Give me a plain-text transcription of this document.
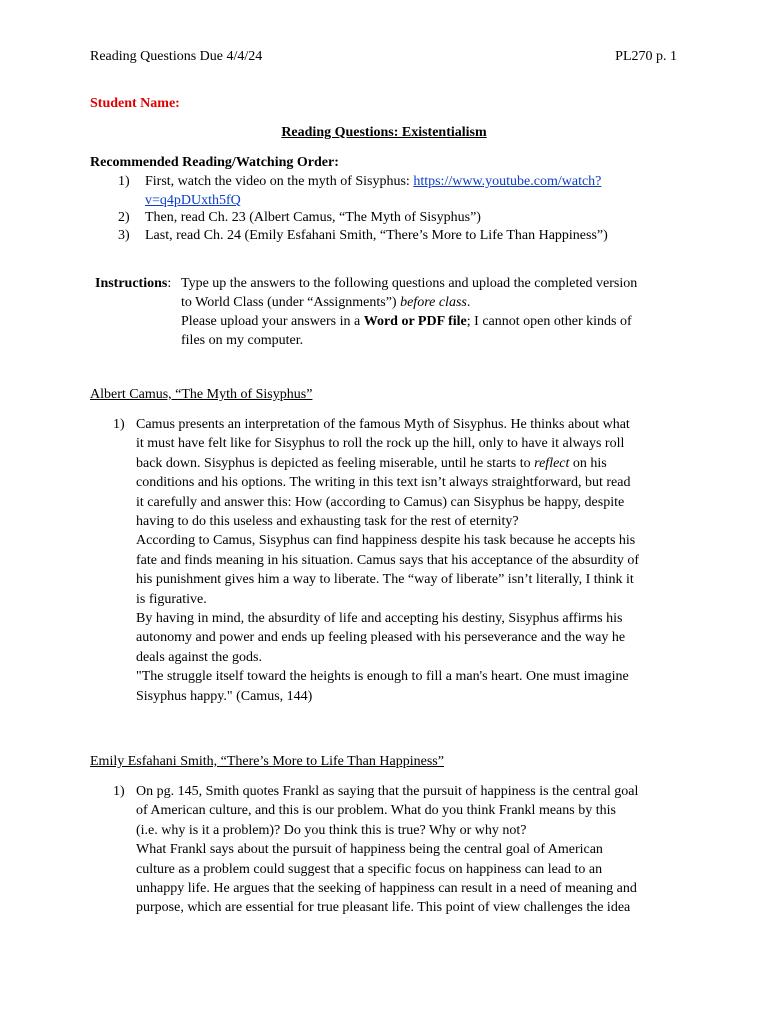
Reading Questions Due 4/4/24	PL270 p. 1
Student Name:
Reading Questions: Existentialism
Recommended Reading/Watching Order:
1) First, watch the video on the myth of Sisyphus: https://www.youtube.com/watch?
v=q4pDUxth5fQ
2) Then, read Ch. 23 (Albert Camus, “The Myth of Sisyphus”)
3) Last, read Ch. 24 (Emily Esfahani Smith, “There’s More to Life Than Happiness”)
Instructions: Type up the answers to the following questions and upload the completed version
to World Class (under “Assignments”) before class.
Please upload your answers in a Word or PDF file; I cannot open other kinds of
files on my computer.
Albert Camus, “The Myth of Sisyphus”
1) Camus presents an interpretation of the famous Myth of Sisyphus. He thinks about what
it must have felt like for Sisyphus to roll the rock up the hill, only to have it always roll
back down. Sisyphus is depicted as feeling miserable, until he starts to reflect on his
conditions and his options. The writing in this text isn’t always straightforward, but read
it carefully and answer this: How (according to Camus) can Sisyphus be happy, despite
having to do this useless and exhausting task for the rest of eternity?
According to Camus, Sisyphus can find happiness despite his task because he accepts his
fate and finds meaning in his situation. Camus says that his acceptance of the absurdity of
his punishment gives him a way to liberate. The “way of liberate” isn’t literally, I think it
is figurative.
By having in mind, the absurdity of life and accepting his destiny, Sisyphus affirms his
autonomy and power and ends up feeling pleased with his perseverance and the way he
deals against the gods.
"The struggle itself toward the heights is enough to fill a man's heart. One must imagine
Sisyphus happy." (Camus, 144)
Emily Esfahani Smith, “There’s More to Life Than Happiness”
1) On pg. 145, Smith quotes Frankl as saying that the pursuit of happiness is the central goal
of American culture, and this is our problem. What do you think Frankl means by this
(i.e. why is it a problem)? Do you think this is true? Why or why not?
What Frankl says about the pursuit of happiness being the central goal of American
culture as a problem could suggest that a specific focus on happiness can lead to an
unhappy life. He argues that the seeking of happiness can result in a need of meaning and
purpose, which are essential for true pleasant life. This point of view challenges the idea
